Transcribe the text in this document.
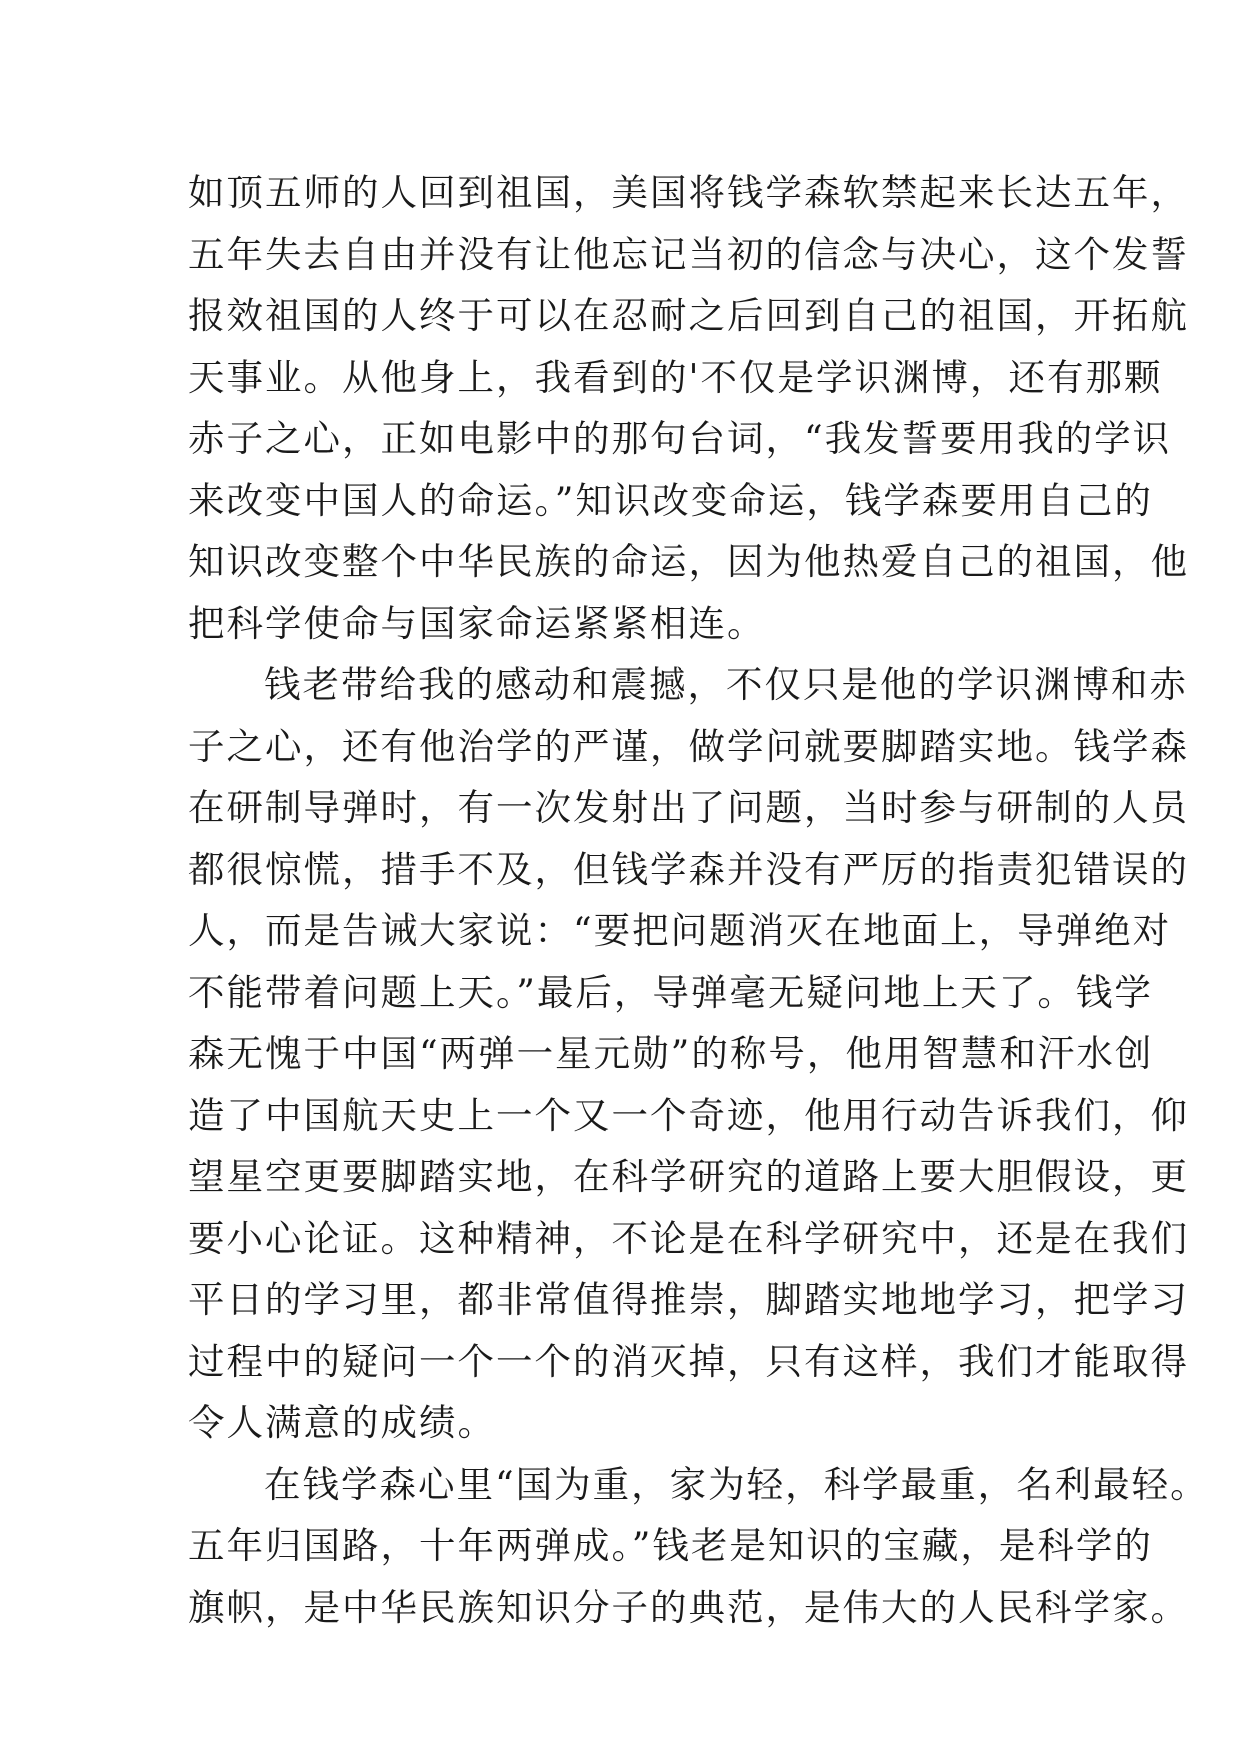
如顶五师的人回到祖国，美国将钱学森软禁起来长达五年，
五年失去自由并没有让他忘记当初的信念与决心，这个发誓
报效祖国的人终于可以在忍耐之后回到自己的祖国，开拓航
天事业。从他身上，我看到的'不仅是学识渊博，还有那颗
赤子之心，正如电影中的那句台词，“我发誓要用我的学识
来改变中国人的命运。”知识改变命运，钱学森要用自己的
知识改变整个中华民族的命运，因为他热爱自己的祖国，他
把科学使命与国家命运紧紧相连。
钱老带给我的感动和震撼，不仅只是他的学识渊博和赤
子之心，还有他治学的严谨，做学问就要脚踏实地。钱学森
在研制导弹时，有一次发射出了问题，当时参与研制的人员
都很惊慌，措手不及，但钱学森并没有严厉的指责犯错误的
人，而是告诫大家说：“要把问题消灭在地面上，导弹绝对
不能带着问题上天。”最后，导弹毫无疑问地上天了。钱学
森无愧于中国“两弹一星元勋”的称号，他用智慧和汗水创
造了中国航天史上一个又一个奇迹，他用行动告诉我们，仰
望星空更要脚踏实地，在科学研究的道路上要大胆假设，更
要小心论证。这种精神，不论是在科学研究中，还是在我们
平日的学习里，都非常值得推崇，脚踏实地地学习，把学习
过程中的疑问一个一个的消灭掉，只有这样，我们才能取得
令人满意的成绩。
在钱学森心里“国为重，家为轻，科学最重，名利最轻。
五年归国路，十年两弹成。”钱老是知识的宝藏，是科学的
旗帜，是中华民族知识分子的典范，是伟大的人民科学家。
